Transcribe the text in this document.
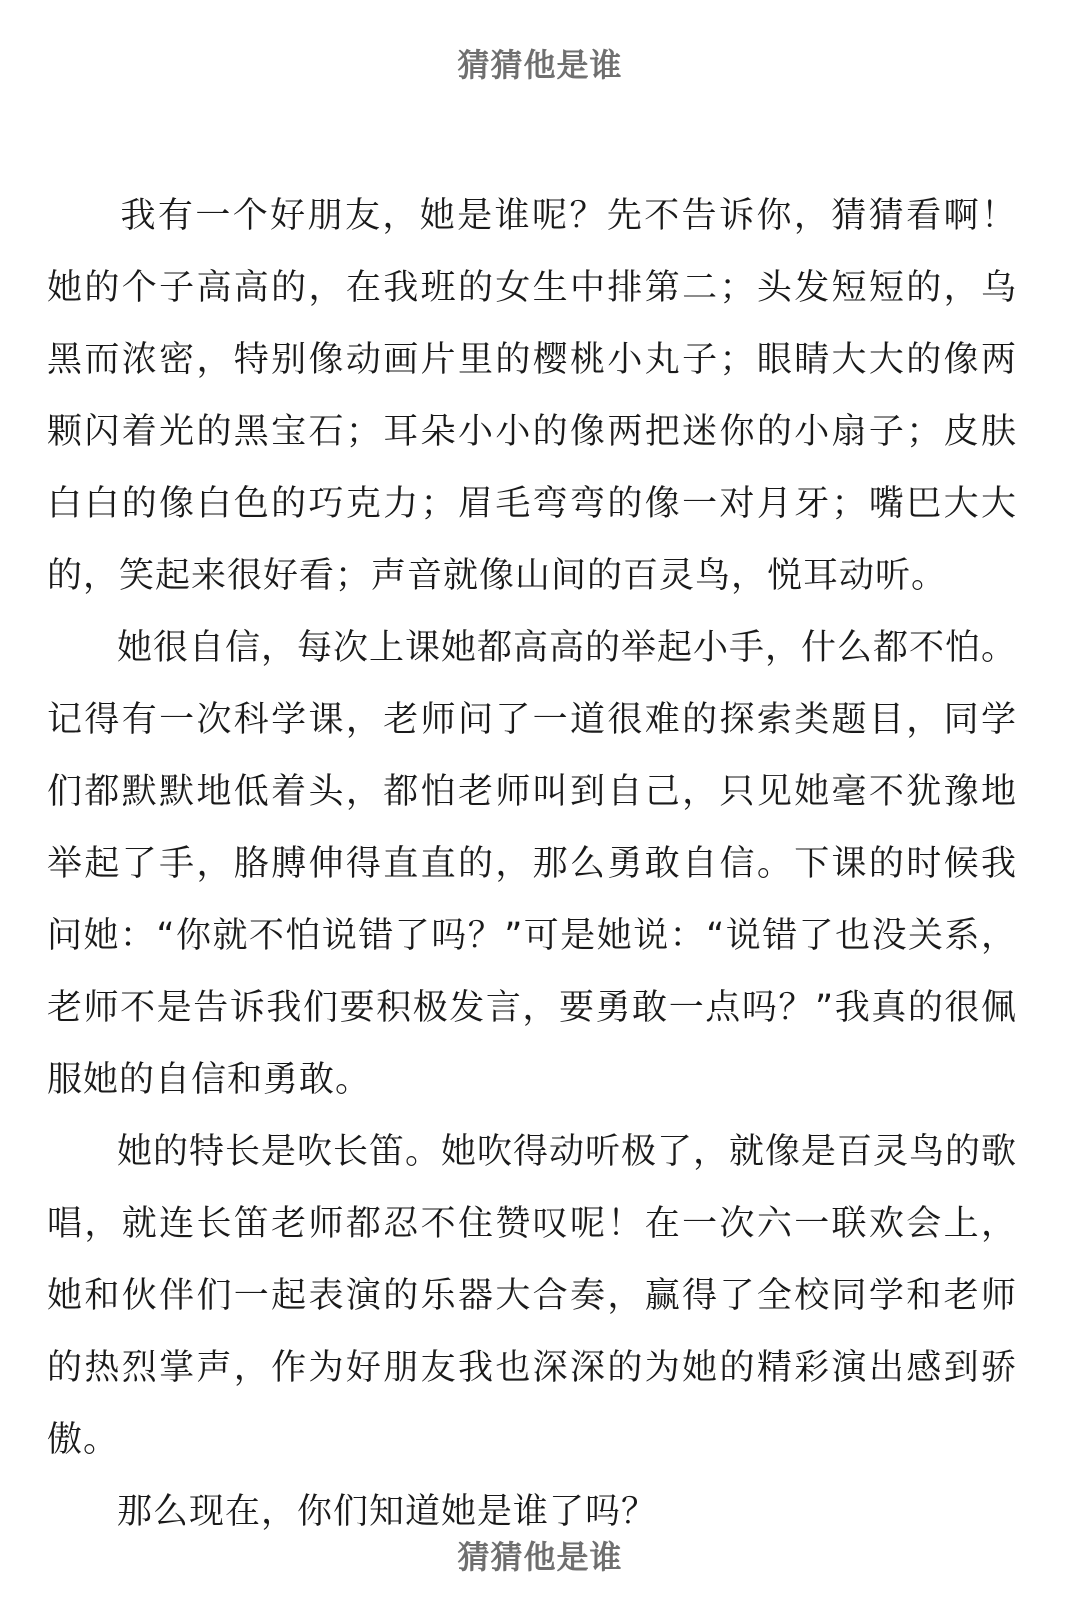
猜猜他是谁

我有一个好朋友，她是谁呢？先不告诉你，猜猜看啊！她的个子高高的，在我班的女生中排第二；头发短短的，乌黑而浓密，特别像动画片里的樱桃小丸子；眼睛大大的像两颗闪着光的黑宝石；耳朵小小的像两把迷你的小扇子；皮肤白白的像白色的巧克力；眉毛弯弯的像一对月牙；嘴巴大大的，笑起来很好看；声音就像山间的百灵鸟，悦耳动听。

她很自信，每次上课她都高高的举起小手，什么都不怕。记得有一次科学课，老师问了一道很难的探索类题目，同学们都默默地低着头，都怕老师叫到自己，只见她毫不犹豫地举起了手，胳膊伸得直直的，那么勇敢自信。下课的时候我问她：“你就不怕说错了吗？”可是她说：“说错了也没关系，老师不是告诉我们要积极发言，要勇敢一点吗？”我真的很佩服她的自信和勇敢。

她的特长是吹长笛。她吹得动听极了，就像是百灵鸟的歌唱，就连长笛老师都忍不住赞叹呢！在一次六一联欢会上，她和伙伴们一起表演的乐器大合奏，赢得了全校同学和老师的热烈掌声，作为好朋友我也深深的为她的精彩演出感到骄傲。

那么现在，你们知道她是谁了吗？

猜猜他是谁
